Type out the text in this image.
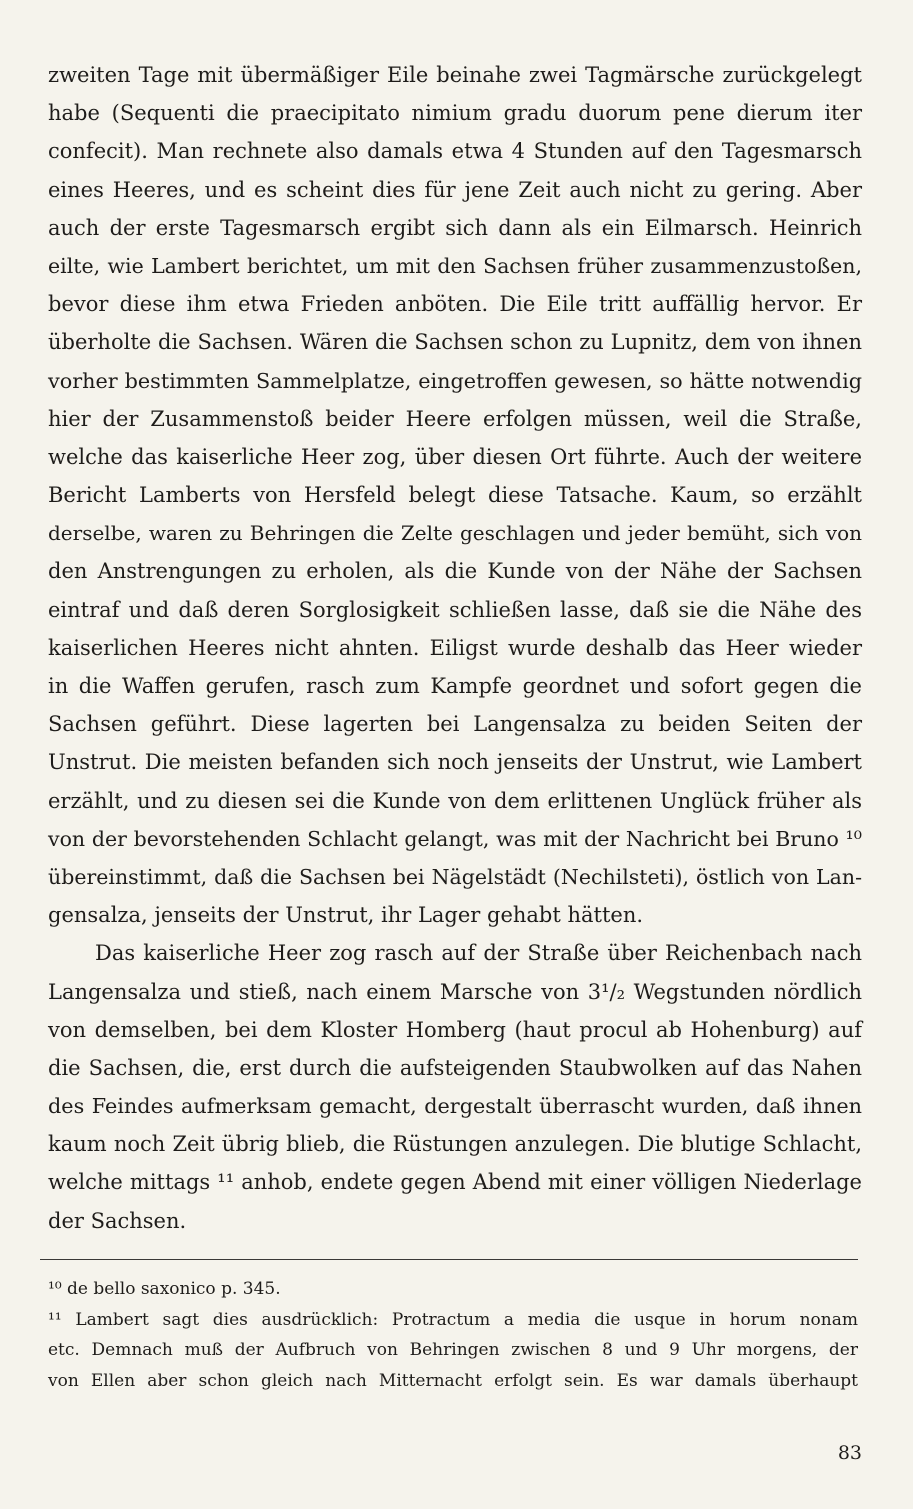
zweiten Tage mit übermäßiger Eile beinahe zwei Tagmärsche zurückgelegt
habe (Sequenti die praecipitato nimium gradu duorum pene dierum iter
confecit). Man rechnete also damals etwa 4 Stunden auf den Tagesmarsch
eines Heeres, und es scheint dies für jene Zeit auch nicht zu gering. Aber
auch der erste Tagesmarsch ergibt sich dann als ein Eilmarsch. Heinrich
eilte, wie Lambert berichtet, um mit den Sachsen früher zusammenzustoßen,
bevor diese ihm etwa Frieden anböten. Die Eile tritt auffällig hervor. Er
überholte die Sachsen. Wären die Sachsen schon zu Lupnitz, dem von ihnen
vorher bestimmten Sammelplatze, eingetroffen gewesen, so hätte notwendig
hier der Zusammenstoß beider Heere erfolgen müssen, weil die Straße,
welche das kaiserliche Heer zog, über diesen Ort führte. Auch der weitere
Bericht Lamberts von Hersfeld belegt diese Tatsache. Kaum, so erzählt
derselbe, waren zu Behringen die Zelte geschlagen und jeder bemüht, sich von
den Anstrengungen zu erholen, als die Kunde von der Nähe der Sachsen
eintraf und daß deren Sorglosigkeit schließen lasse, daß sie die Nähe des
kaiserlichen Heeres nicht ahnten. Eiligst wurde deshalb das Heer wieder
in die Waffen gerufen, rasch zum Kampfe geordnet und sofort gegen die
Sachsen geführt. Diese lagerten bei Langensalza zu beiden Seiten der
Unstrut. Die meisten befanden sich noch jenseits der Unstrut, wie Lambert
erzählt, und zu diesen sei die Kunde von dem erlittenen Unglück früher als
von der bevorstehenden Schlacht gelangt, was mit der Nachricht bei Bruno ¹⁰
übereinstimmt, daß die Sachsen bei Nägelstädt (Nechilsteti), östlich von Lan-
gensalza, jenseits der Unstrut, ihr Lager gehabt hätten.
Das kaiserliche Heer zog rasch auf der Straße über Reichenbach nach
Langensalza und stieß, nach einem Marsche von 3¹/₂ Wegstunden nördlich
von demselben, bei dem Kloster Homberg (haut procul ab Hohenburg) auf
die Sachsen, die, erst durch die aufsteigenden Staubwolken auf das Nahen
des Feindes aufmerksam gemacht, dergestalt überrascht wurden, daß ihnen
kaum noch Zeit übrig blieb, die Rüstungen anzulegen. Die blutige Schlacht,
welche mittags ¹¹ anhob, endete gegen Abend mit einer völligen Niederlage
der Sachsen.
¹⁰ de bello saxonico p. 345.
¹¹ Lambert sagt dies ausdrücklich: Protractum a media die usque in horum nonam
etc. Demnach muß der Aufbruch von Behringen zwischen 8 und 9 Uhr morgens, der
von Ellen aber schon gleich nach Mitternacht erfolgt sein. Es war damals überhaupt
83
